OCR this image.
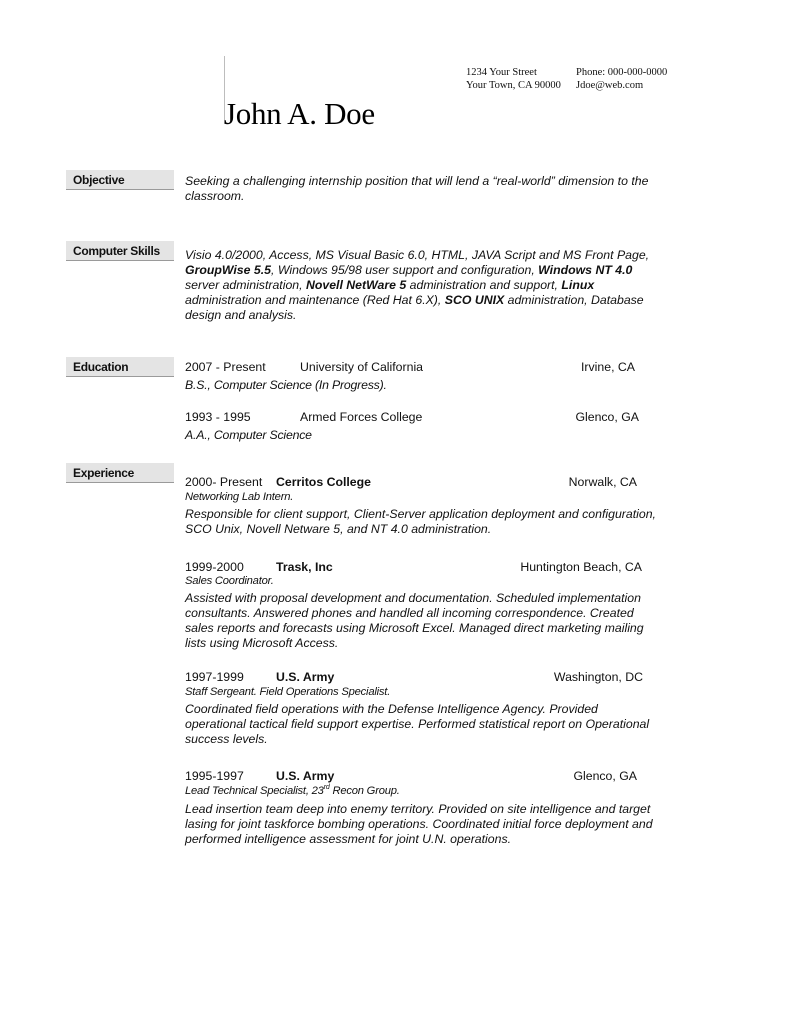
John A. Doe
1234 Your Street
Your Town, CA 90000
Phone: 000-000-0000
Jdoe@web.com
Objective	Seeking a challenging internship position that will lend a “real-world” dimension to the classroom.
Computer Skills	Visio 4.0/2000, Access, MS Visual Basic 6.0, HTML, JAVA Script and MS Front Page, GroupWise 5.5, Windows 95/98 user support and configuration, Windows NT 4.0 server administration, Novell NetWare 5 administration and support, Linux administration and maintenance (Red Hat 6.X), SCO UNIX administration, Database design and analysis.
Education	2007 - Present	University of California	Irvine, CA
B.S., Computer Science (In Progress).
1993 - 1995	Armed Forces College	Glenco, GA
A.A., Computer Science
Experience
2000- Present Cerritos College	Norwalk, CA
Networking Lab Intern.
Responsible for client support, Client-Server application deployment and configuration, SCO Unix, Novell Netware 5, and NT 4.0 administration.
1999-2000	Trask, Inc	Huntington Beach, CA
Sales Coordinator.
Assisted with proposal development and documentation. Scheduled implementation consultants. Answered phones and handled all incoming correspondence. Created sales reports and forecasts using Microsoft Excel. Managed direct marketing mailing lists using Microsoft Access.
1997-1999	U.S. Army	Washington, DC
Staff Sergeant. Field Operations Specialist.
Coordinated field operations with the Defense Intelligence Agency. Provided operational tactical field support expertise. Performed statistical report on Operational success levels.
1995-1997	U.S. Army	Glenco, GA
Lead Technical Specialist, 23rd Recon Group.
Lead insertion team deep into enemy territory. Provided on site intelligence and target lasing for joint taskforce bombing operations. Coordinated initial force deployment and performed intelligence assessment for joint U.N. operations.
